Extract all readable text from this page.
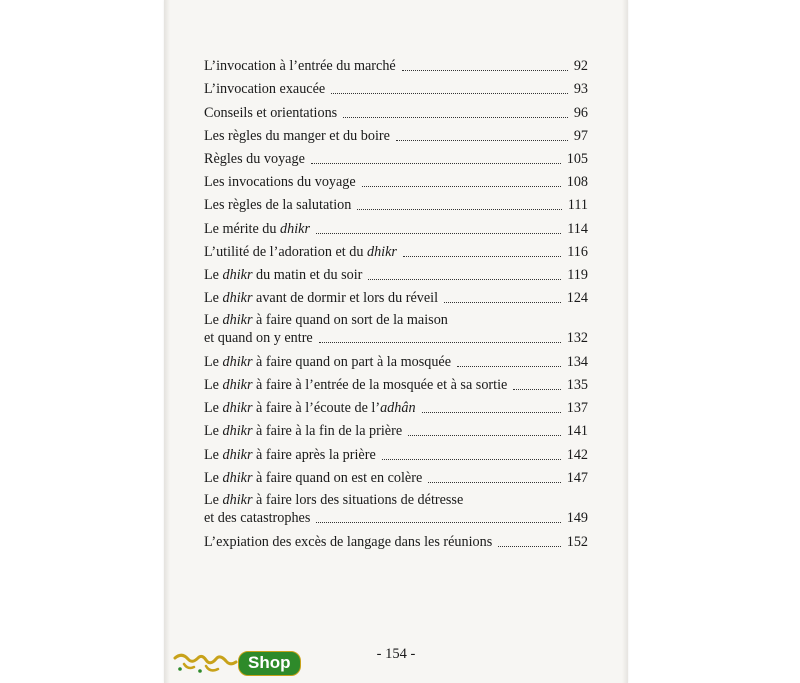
L’invocation à l’entrée du marché	92
L’invocation exaucée	93
Conseils et orientations	96
Les règles du manger et du boire	97
Règles du voyage	105
Les invocations du voyage	108
Les règles de la salutation	111
Le mérite du dhikr	114
L’utilité de l’adoration et du dhikr	116
Le dhikr du matin et du soir	119
Le dhikr avant de dormir et lors du réveil	124
Le dhikr à faire quand on sort de la maison
et quand on y entre	132
Le dhikr à faire quand on part à la mosquée	134
Le dhikr à faire à l’entrée de la mosquée et à sa sortie	135
Le dhikr à faire à l’écoute de l’adhân	137
Le dhikr à faire à la fin de la prière	141
Le dhikr à faire après la prière	142
Le dhikr à faire quand on est en colère	147
Le dhikr à faire lors des situations de détresse
et des catastrophes	149
L’expiation des excès de langage dans les réunions	152
- 154 -
Shop
